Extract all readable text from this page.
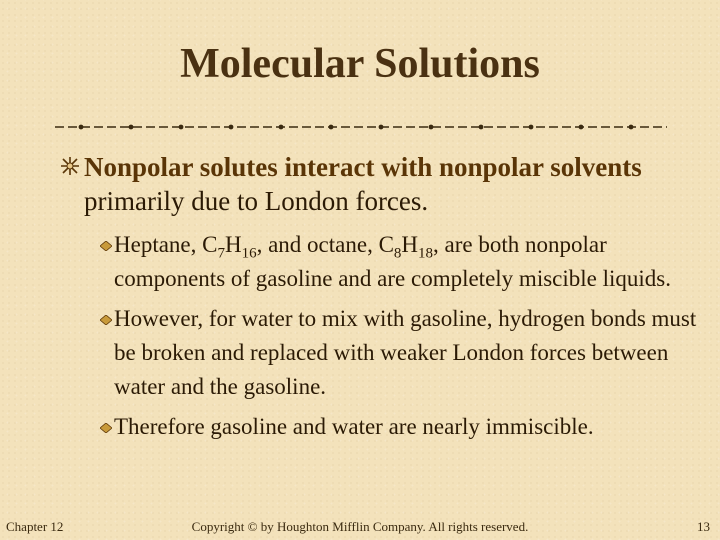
Molecular Solutions
Nonpolar solutes interact with nonpolar solvents primarily due to London forces.
Heptane, $C_7H_{16}$, and octane, $C_8H_{18}$, are both nonpolar components of gasoline and are completely miscible liquids.
However, for water to mix with gasoline, hydrogen bonds must be broken and replaced with weaker London forces between water and the gasoline.
Therefore gasoline and water are nearly immiscible.
Copyright © by Houghton Mifflin Company. All rights reserved.
Chapter 12	13
